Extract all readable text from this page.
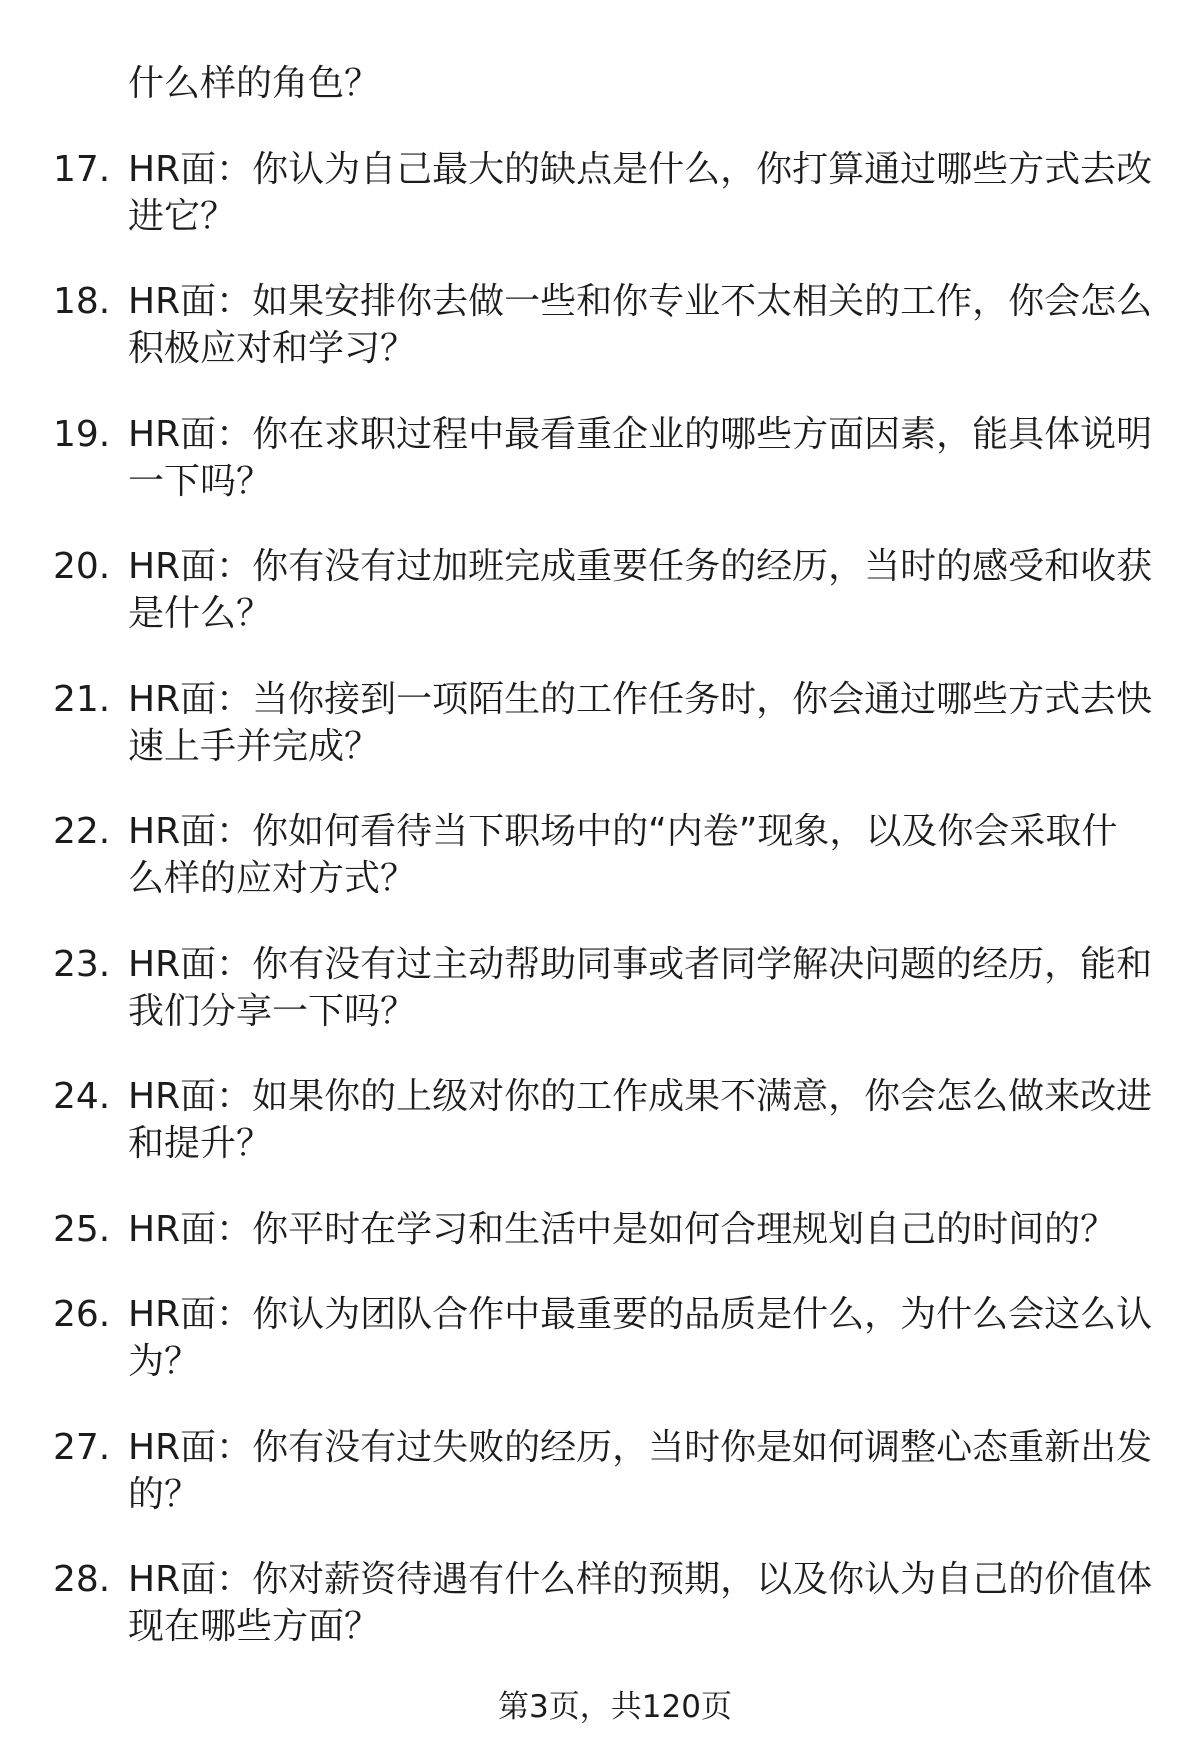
什么样的角色？
17. HR面：你认为自己最大的缺点是什么，你打算通过哪些方式去改
进它？
18. HR面：如果安排你去做一些和你专业不太相关的工作，你会怎么
积极应对和学习？
19. HR面：你在求职过程中最看重企业的哪些方面因素，能具体说明
一下吗？
20. HR面：你有没有过加班完成重要任务的经历，当时的感受和收获
是什么？
21. HR面：当你接到一项陌生的工作任务时，你会通过哪些方式去快
速上手并完成？
22. HR面：你如何看待当下职场中的“内卷”现象，以及你会采取什
么样的应对方式？
23. HR面：你有没有过主动帮助同事或者同学解决问题的经历，能和
我们分享一下吗？
24. HR面：如果你的上级对你的工作成果不满意，你会怎么做来改进
和提升？
25. HR面：你平时在学习和生活中是如何合理规划自己的时间的？
26. HR面：你认为团队合作中最重要的品质是什么，为什么会这么认
为？
27. HR面：你有没有过失败的经历，当时你是如何调整心态重新出发
的？
28. HR面：你对薪资待遇有什么样的预期，以及你认为自己的价值体
现在哪些方面？
第3页，共120页
